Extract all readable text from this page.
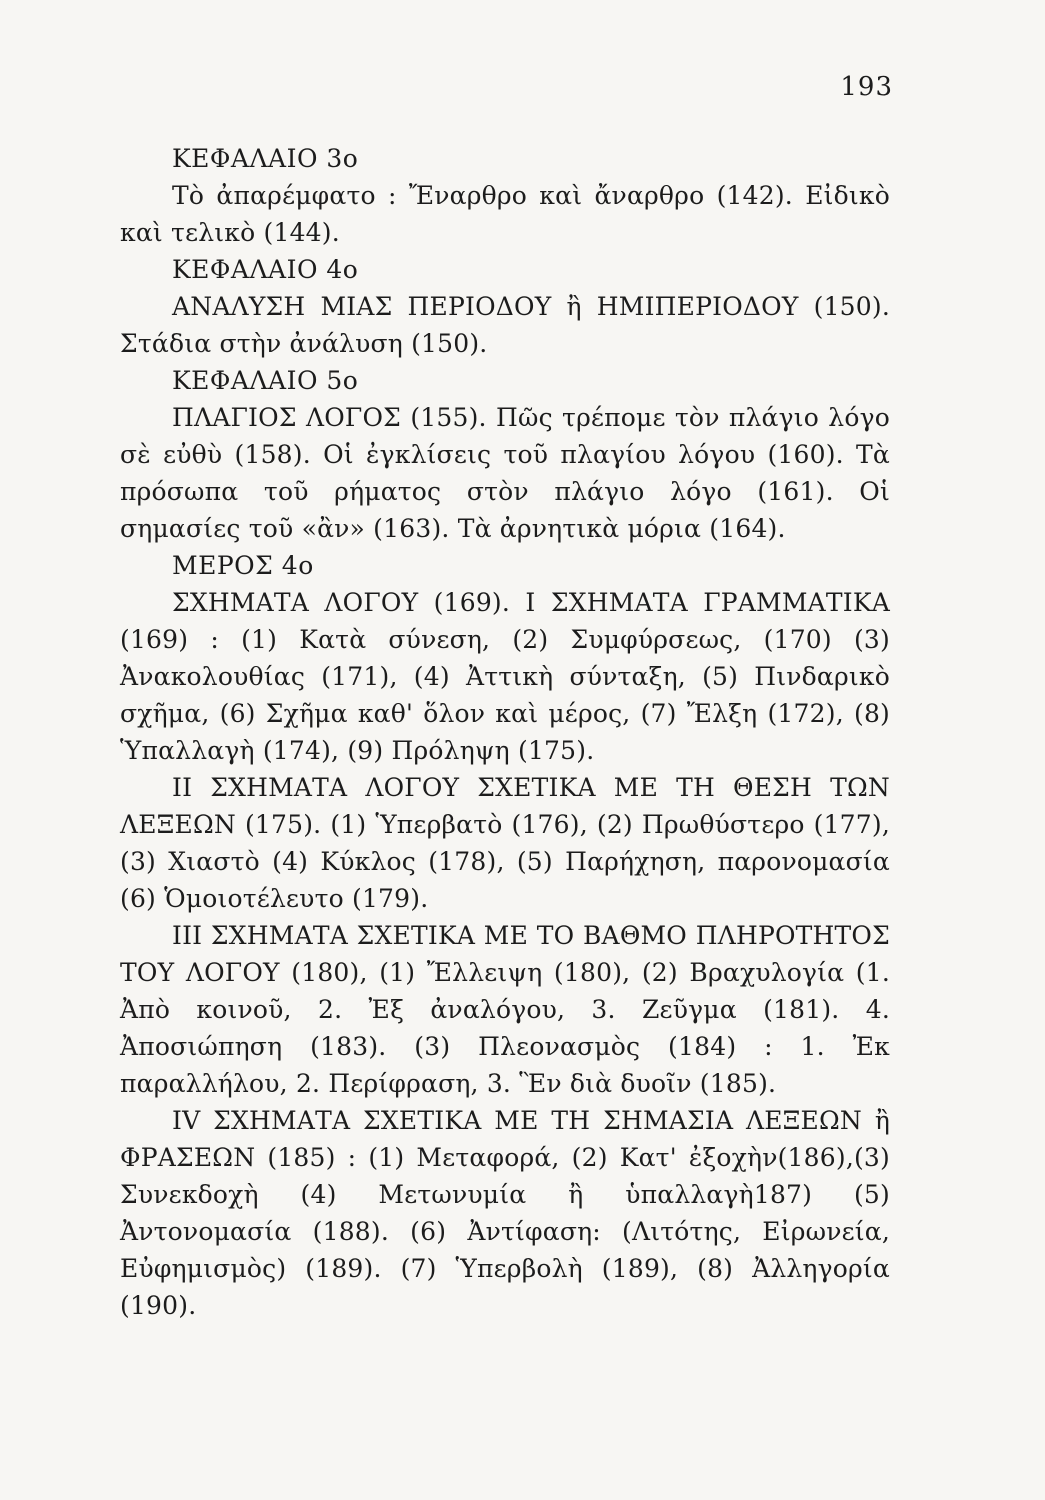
193
ΚΕΦΑΛΑΙΟ 3ο

Τὸ ἀπαρέμφατο : Ἔναρθρο καὶ ἄναρθρο (142). Εἰδικὸ καὶ τελικὸ (144).

ΚΕΦΑΛΑΙΟ 4ο

ΑΝΑΛΥΣΗ ΜΙΑΣ ΠΕΡΙΟΔΟΥ ἢ ΗΜΙΠΕΡΙΟΔΟΥ (150). Στάδια στὴν ἀνάλυση (150).

ΚΕΦΑΛΑΙΟ 5ο

ΠΛΑΓΙΟΣ ΛΟΓΟΣ (155). Πῶς τρέπομε τὸν πλάγιο λόγο σὲ εὐθὺ (158). Οἱ ἐγκλίσεις τοῦ πλαγίου λόγου (160). Τὰ πρόσωπα τοῦ ρήματος στὸν πλάγιο λόγο (161). Οἱ σημασίες τοῦ «ἂν» (163). Τὰ ἀρνητικὰ μόρια (164).

ΜΕΡΟΣ 4ο

ΣΧΗΜΑΤΑ ΛΟΓΟΥ (169). Ι ΣΧΗΜΑΤΑ ΓΡΑΜΜΑΤΙΚΑ (169) : (1) Κατὰ σύνεση, (2) Συμφύρσεως, (170) (3) Ἀνακολουθίας (171), (4) Ἀττικὴ σύνταξη, (5) Πινδαρικὸ σχῆμα, (6) Σχῆμα καθ' ὅλον καὶ μέρος, (7) Ἔλξη (172), (8) Ὑπαλλαγὴ (174), (9) Πρόληψη (175).

ΙΙ ΣΧΗΜΑΤΑ ΛΟΓΟΥ ΣΧΕΤΙΚΑ ΜΕ ΤΗ ΘΕΣΗ ΤΩΝ ΛΕΞΕΩΝ (175). (1) Ὑπερβατὸ (176), (2) Πρωθύστερο (177), (3) Χιαστὸ (4) Κύκλος (178), (5) Παρήχηση, παρονομασία (6) Ὁμοιοτέλευτο (179).

ΙΙΙ ΣΧΗΜΑΤΑ ΣΧΕΤΙΚΑ ΜΕ ΤΟ ΒΑΘΜΟ ΠΛΗΡΟΤΗΤΟΣ ΤΟΥ ΛΟΓΟΥ (180), (1) Ἔλλειψη (180), (2) Βραχυλογία (1. Ἀπὸ κοινοῦ, 2. Ἐξ ἀναλόγου, 3. Ζεῦγμα (181). 4. Ἀποσιώπηση (183). (3) Πλεονασμὸς (184) : 1. Ἐκ παραλλήλου, 2. Περίφραση, 3. Ἓν διὰ δυοῖν (185).

IV ΣΧΗΜΑΤΑ ΣΧΕΤΙΚΑ ΜΕ ΤΗ ΣΗΜΑΣΙΑ ΛΕΞΕΩΝ ἢ ΦΡΑΣΕΩΝ (185) : (1) Μεταφορά, (2) Κατ' ἐξοχὴν(186),(3) Συνεκδοχὴ (4) Μετωνυμία ἢ ὑπαλλαγὴ187) (5) Ἀντονομασία (188). (6) Ἀντίφαση: (Λιτότης, Εἰρωνεία, Εὐφημισμὸς) (189). (7) Ὑπερβολὴ (189), (8) Ἀλληγορία (190).
